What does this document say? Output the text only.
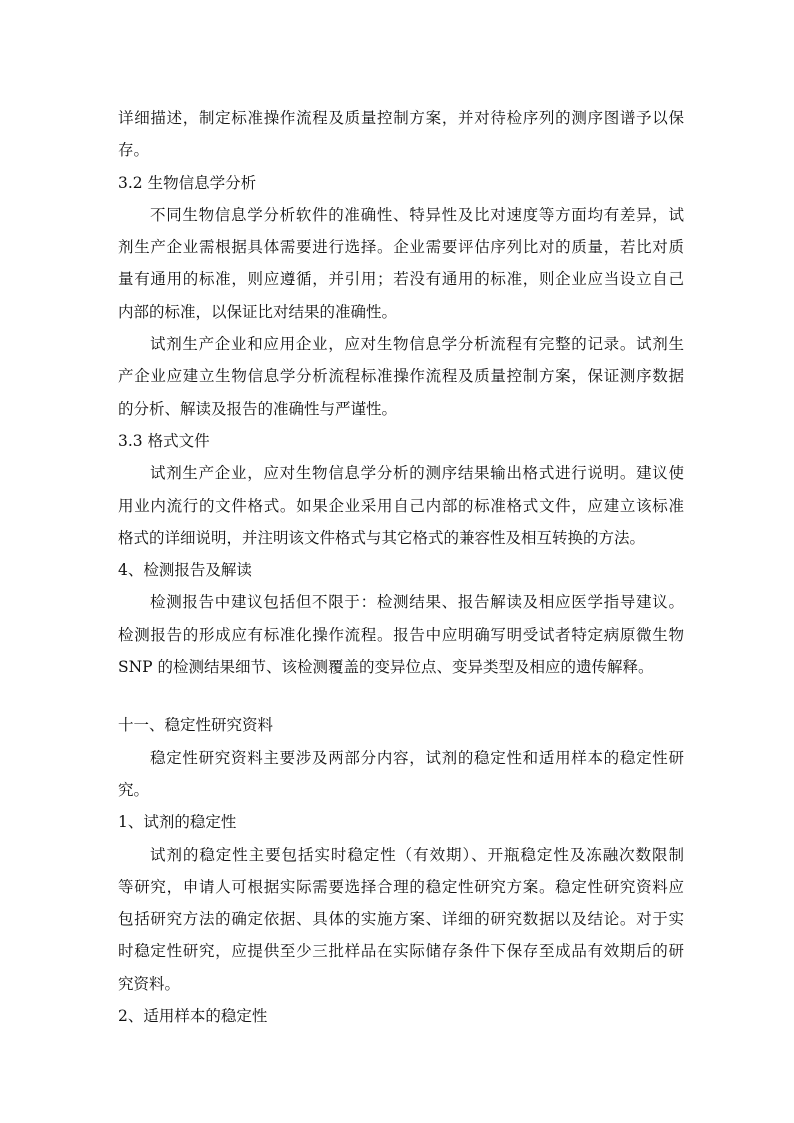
详细描述，制定标准操作流程及质量控制方案，并对待检序列的测序图谱予以保
存。
3.2 生物信息学分析
不同生物信息学分析软件的准确性、特异性及比对速度等方面均有差异，试
剂生产企业需根据具体需要进行选择。企业需要评估序列比对的质量，若比对质
量有通用的标准，则应遵循，并引用；若没有通用的标准，则企业应当设立自己
内部的标准，以保证比对结果的准确性。
试剂生产企业和应用企业，应对生物信息学分析流程有完整的记录。试剂生
产企业应建立生物信息学分析流程标准操作流程及质量控制方案，保证测序数据
的分析、解读及报告的准确性与严谨性。
3.3 格式文件
试剂生产企业，应对生物信息学分析的测序结果输出格式进行说明。建议使
用业内流行的文件格式。如果企业采用自己内部的标准格式文件，应建立该标准
格式的详细说明，并注明该文件格式与其它格式的兼容性及相互转换的方法。
4、检测报告及解读
检测报告中建议包括但不限于：检测结果、报告解读及相应医学指导建议。
检测报告的形成应有标准化操作流程。报告中应明确写明受试者特定病原微生物
SNP 的检测结果细节、该检测覆盖的变异位点、变异类型及相应的遗传解释。
十一、稳定性研究资料
稳定性研究资料主要涉及两部分内容，试剂的稳定性和适用样本的稳定性研
究。
1、试剂的稳定性
试剂的稳定性主要包括实时稳定性（有效期）、开瓶稳定性及冻融次数限制
等研究，申请人可根据实际需要选择合理的稳定性研究方案。稳定性研究资料应
包括研究方法的确定依据、具体的实施方案、详细的研究数据以及结论。对于实
时稳定性研究，应提供至少三批样品在实际储存条件下保存至成品有效期后的研
究资料。
2、适用样本的稳定性
